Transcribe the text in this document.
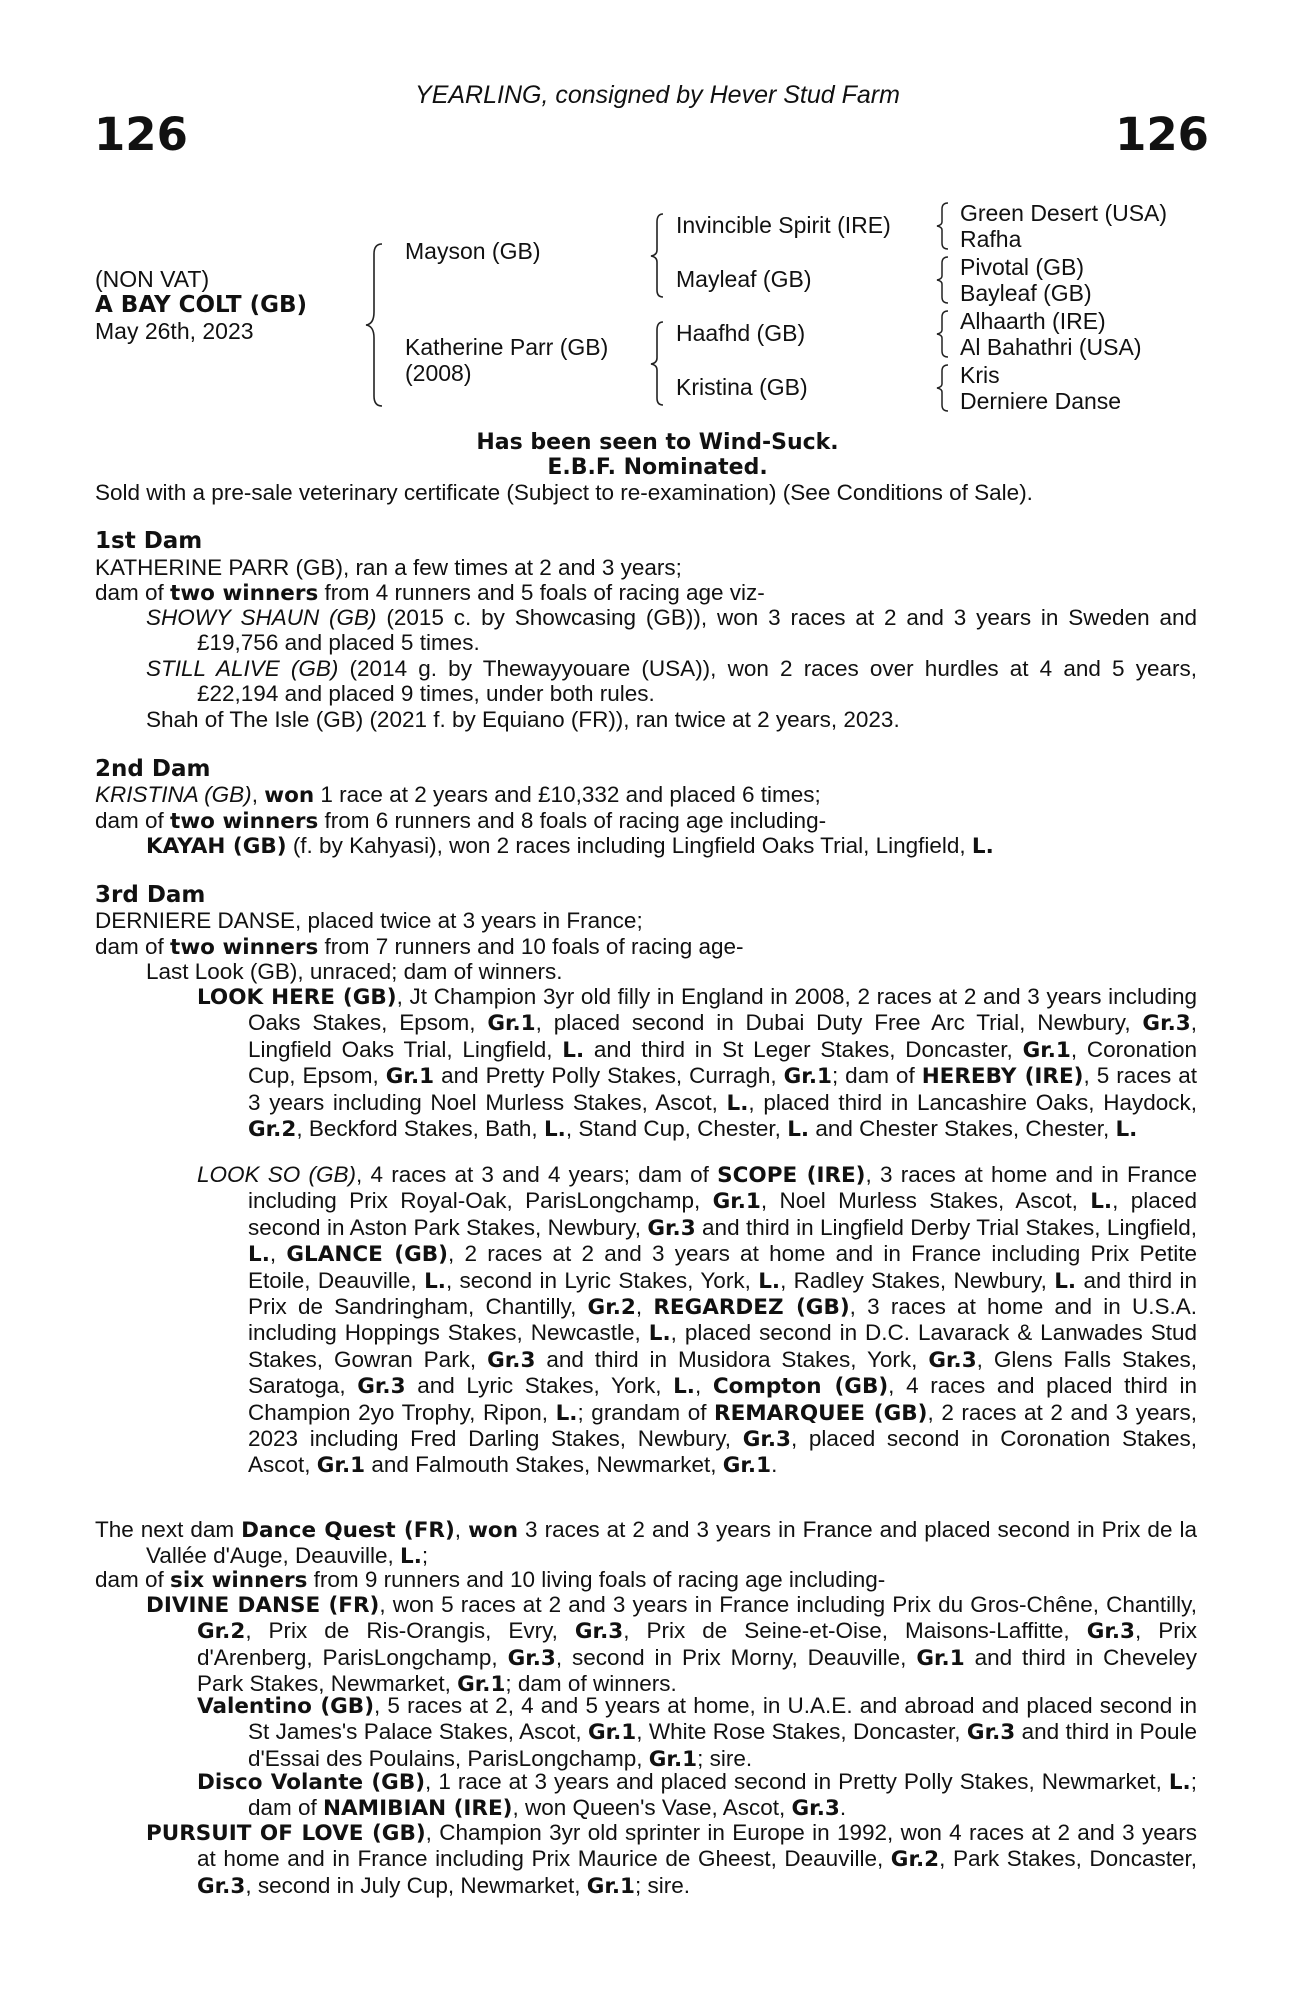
126	126
YEARLING, consigned by Hever Stud Farm
(NON VAT)
A BAY COLT (GB)
May 26th, 2023
Mayson (GB)
Katherine Parr (GB)
(2008)
Invincible Spirit (IRE)
Mayleaf (GB)
Haafhd (GB)
Kristina (GB)
Green Desert (USA)
Rafha
Pivotal (GB)
Bayleaf (GB)
Alhaarth (IRE)
Al Bahathri (USA)
Kris
Derniere Danse
Has been seen to Wind-Suck.
E.B.F. Nominated.
Sold with a pre-sale veterinary certificate (Subject to re-examination) (See Conditions of Sale).
1st Dam
KATHERINE PARR (GB), ran a few times at 2 and 3 years;
dam of two winners from 4 runners and 5 foals of racing age viz-
SHOWY SHAUN (GB) (2015 c. by Showcasing (GB)), won 3 races at 2 and 3 years in Sweden and £19,756 and placed 5 times.
STILL ALIVE (GB) (2014 g. by Thewayyouare (USA)), won 2 races over hurdles at 4 and 5 years, £22,194 and placed 9 times, under both rules.
Shah of The Isle (GB) (2021 f. by Equiano (FR)), ran twice at 2 years, 2023.
2nd Dam
KRISTINA (GB), won 1 race at 2 years and £10,332 and placed 6 times;
dam of two winners from 6 runners and 8 foals of racing age including-
KAYAH (GB) (f. by Kahyasi), won 2 races including Lingfield Oaks Trial, Lingfield, L.
3rd Dam
DERNIERE DANSE, placed twice at 3 years in France;
dam of two winners from 7 runners and 10 foals of racing age-
Last Look (GB), unraced; dam of winners.
LOOK HERE (GB), Jt Champion 3yr old filly in England in 2008, 2 races at 2 and 3 years including Oaks Stakes, Epsom, Gr.1, placed second in Dubai Duty Free Arc Trial, Newbury, Gr.3, Lingfield Oaks Trial, Lingfield, L. and third in St Leger Stakes, Doncaster, Gr.1, Coronation Cup, Epsom, Gr.1 and Pretty Polly Stakes, Curragh, Gr.1; dam of HEREBY (IRE), 5 races at 3 years including Noel Murless Stakes, Ascot, L., placed third in Lancashire Oaks, Haydock, Gr.2, Beckford Stakes, Bath, L., Stand Cup, Chester, L. and Chester Stakes, Chester, L.
LOOK SO (GB), 4 races at 3 and 4 years; dam of SCOPE (IRE), 3 races at home and in France including Prix Royal-Oak, ParisLongchamp, Gr.1, Noel Murless Stakes, Ascot, L., placed second in Aston Park Stakes, Newbury, Gr.3 and third in Lingfield Derby Trial Stakes, Lingfield, L., GLANCE (GB), 2 races at 2 and 3 years at home and in France including Prix Petite Etoile, Deauville, L., second in Lyric Stakes, York, L., Radley Stakes, Newbury, L. and third in Prix de Sandringham, Chantilly, Gr.2, REGARDEZ (GB), 3 races at home and in U.S.A. including Hoppings Stakes, Newcastle, L., placed second in D.C. Lavarack & Lanwades Stud Stakes, Gowran Park, Gr.3 and third in Musidora Stakes, York, Gr.3, Glens Falls Stakes, Saratoga, Gr.3 and Lyric Stakes, York, L., Compton (GB), 4 races and placed third in Champion 2yo Trophy, Ripon, L.; grandam of REMARQUEE (GB), 2 races at 2 and 3 years, 2023 including Fred Darling Stakes, Newbury, Gr.3, placed second in Coronation Stakes, Ascot, Gr.1 and Falmouth Stakes, Newmarket, Gr.1.
The next dam Dance Quest (FR), won 3 races at 2 and 3 years in France and placed second in Prix de la Vallée d'Auge, Deauville, L.;
dam of six winners from 9 runners and 10 living foals of racing age including-
DIVINE DANSE (FR), won 5 races at 2 and 3 years in France including Prix du Gros-Chêne, Chantilly, Gr.2, Prix de Ris-Orangis, Evry, Gr.3, Prix de Seine-et-Oise, Maisons-Laffitte, Gr.3, Prix d'Arenberg, ParisLongchamp, Gr.3, second in Prix Morny, Deauville, Gr.1 and third in Cheveley Park Stakes, Newmarket, Gr.1; dam of winners.
Valentino (GB), 5 races at 2, 4 and 5 years at home, in U.A.E. and abroad and placed second in St James's Palace Stakes, Ascot, Gr.1, White Rose Stakes, Doncaster, Gr.3 and third in Poule d'Essai des Poulains, ParisLongchamp, Gr.1; sire.
Disco Volante (GB), 1 race at 3 years and placed second in Pretty Polly Stakes, Newmarket, L.; dam of NAMIBIAN (IRE), won Queen's Vase, Ascot, Gr.3.
PURSUIT OF LOVE (GB), Champion 3yr old sprinter in Europe in 1992, won 4 races at 2 and 3 years at home and in France including Prix Maurice de Gheest, Deauville, Gr.2, Park Stakes, Doncaster, Gr.3, second in July Cup, Newmarket, Gr.1; sire.
